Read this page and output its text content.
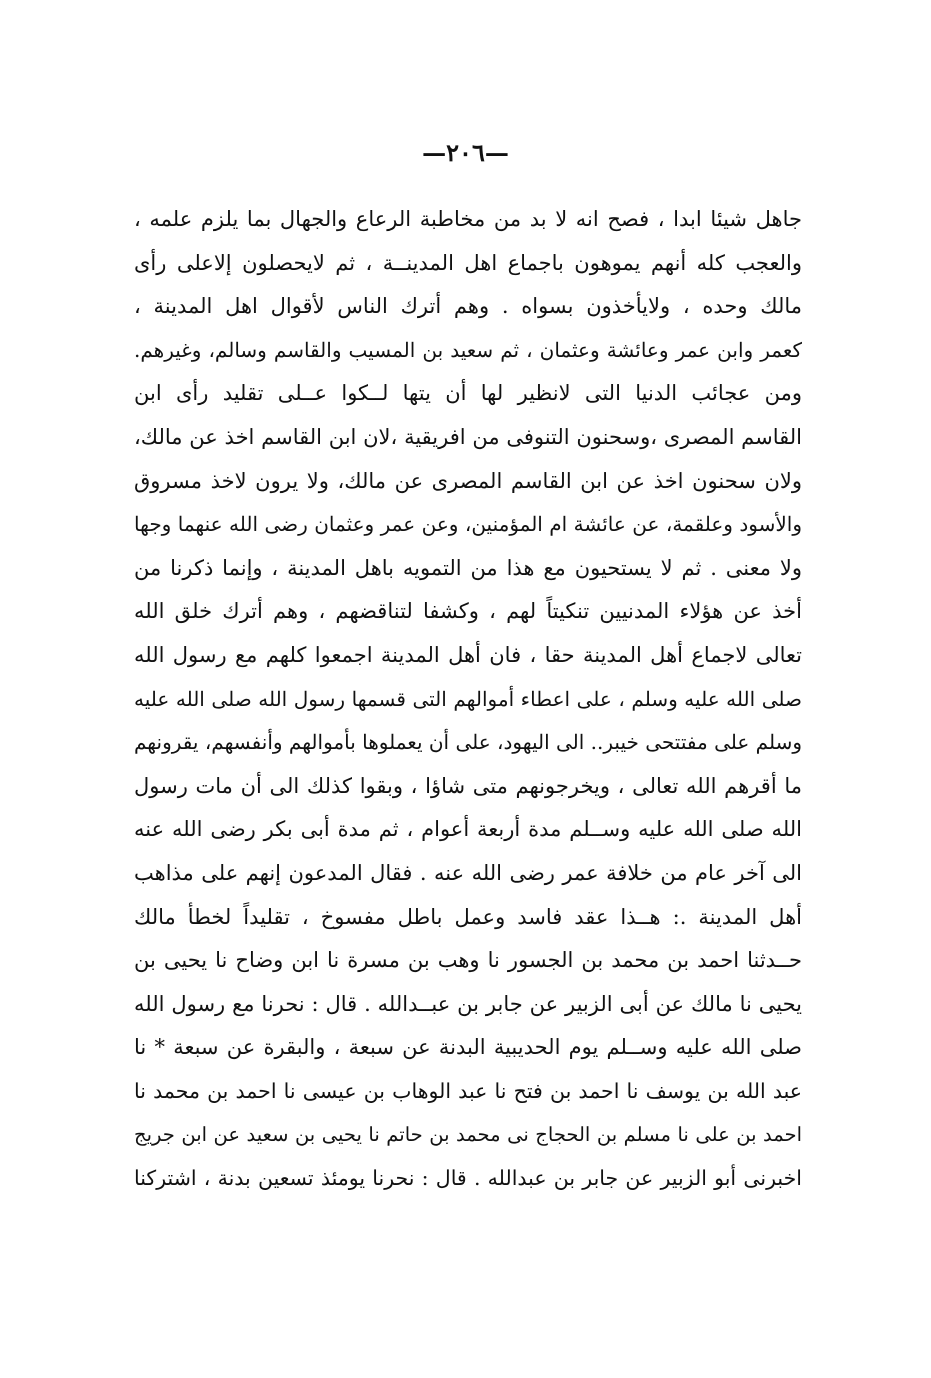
—٢٠٦—
جاهل شيئا ابدا ، فصح انه لا بد من مخاطبة الرعاع والجهال بما يلزم علمه ،
والعجب كله أنهم يموهون باجماع اهل المدينــة ، ثم لايحصلون إلاعلى رأى
مالك وحده ، ولايأخذون بسواه . وهم أترك الناس لأقوال اهل المدينة ،
كعمر وابن عمر وعائشة وعثمان ، ثم سعيد بن المسيب والقاسم وسالم، وغيرهم.
ومن عجائب الدنيا التى لانظير لها أن يتها لــكوا عــلى تقليد رأى ابن
القاسم المصرى ،وسحنون التنوفى من افريقية ،لان ابن القاسم اخذ عن مالك،
ولان سحنون اخذ عن ابن القاسم المصرى عن مالك، ولا يرون لاخذ مسروق
والأسود وعلقمة، عن عائشة ام المؤمنين، وعن عمر وعثمان رضى الله عنهما وجها
ولا معنى . ثم لا يستحيون مع هذا من التمويه باهل المدينة ، وإنما ذكرنا من
أخذ عن هؤلاء المدنيين تنكيتاً لهم ، وكشفا لتناقضهم ، وهم أترك خلق الله
تعالى لاجماع أهل المدينة حقا ، فان أهل المدينة اجمعوا كلهم مع رسول الله
صلى الله عليه وسلم ، على اعطاء أموالهم التى قسمها رسول الله صلى الله عليه
وسلم على مفتتحى خيبر.. الى اليهود، على أن يعملوها بأموالهم وأنفسهم، يقرونهم
ما أقرهم الله تعالى ، ويخرجونهم متى شاؤا ، وبقوا كذلك الى أن مات رسول
الله صلى الله عليه وســلم مدة أربعة أعوام ، ثم مدة أبى بكر رضى الله عنه
الى آخر عام من خلافة عمر رضى الله عنه . فقال المدعون إنهم على مذاهب
أهل المدينة .: هــذا عقد فاسد وعمل باطل مفسوخ ، تقليداً لخطأ مالك
حــدثنا احمد بن محمد بن الجسور نا وهب بن مسرة نا ابن وضاح نا يحيى بن
يحيى نا مالك عن أبى الزبير عن جابر بن عبــدالله . قال : نحرنا مع رسول الله
صلى الله عليه وســلم يوم الحديبية البدنة عن سبعة ، والبقرة عن سبعة * نا
عبد الله بن يوسف نا احمد بن فتح نا عبد الوهاب بن عيسى نا احمد بن محمد نا
احمد بن على نا مسلم بن الحجاج نى محمد بن حاتم نا يحيى بن سعيد عن ابن جريج
اخبرنى أبو الزبير عن جابر بن عبدالله . قال : نحرنا يومئذ تسعين بدنة ، اشتركنا
